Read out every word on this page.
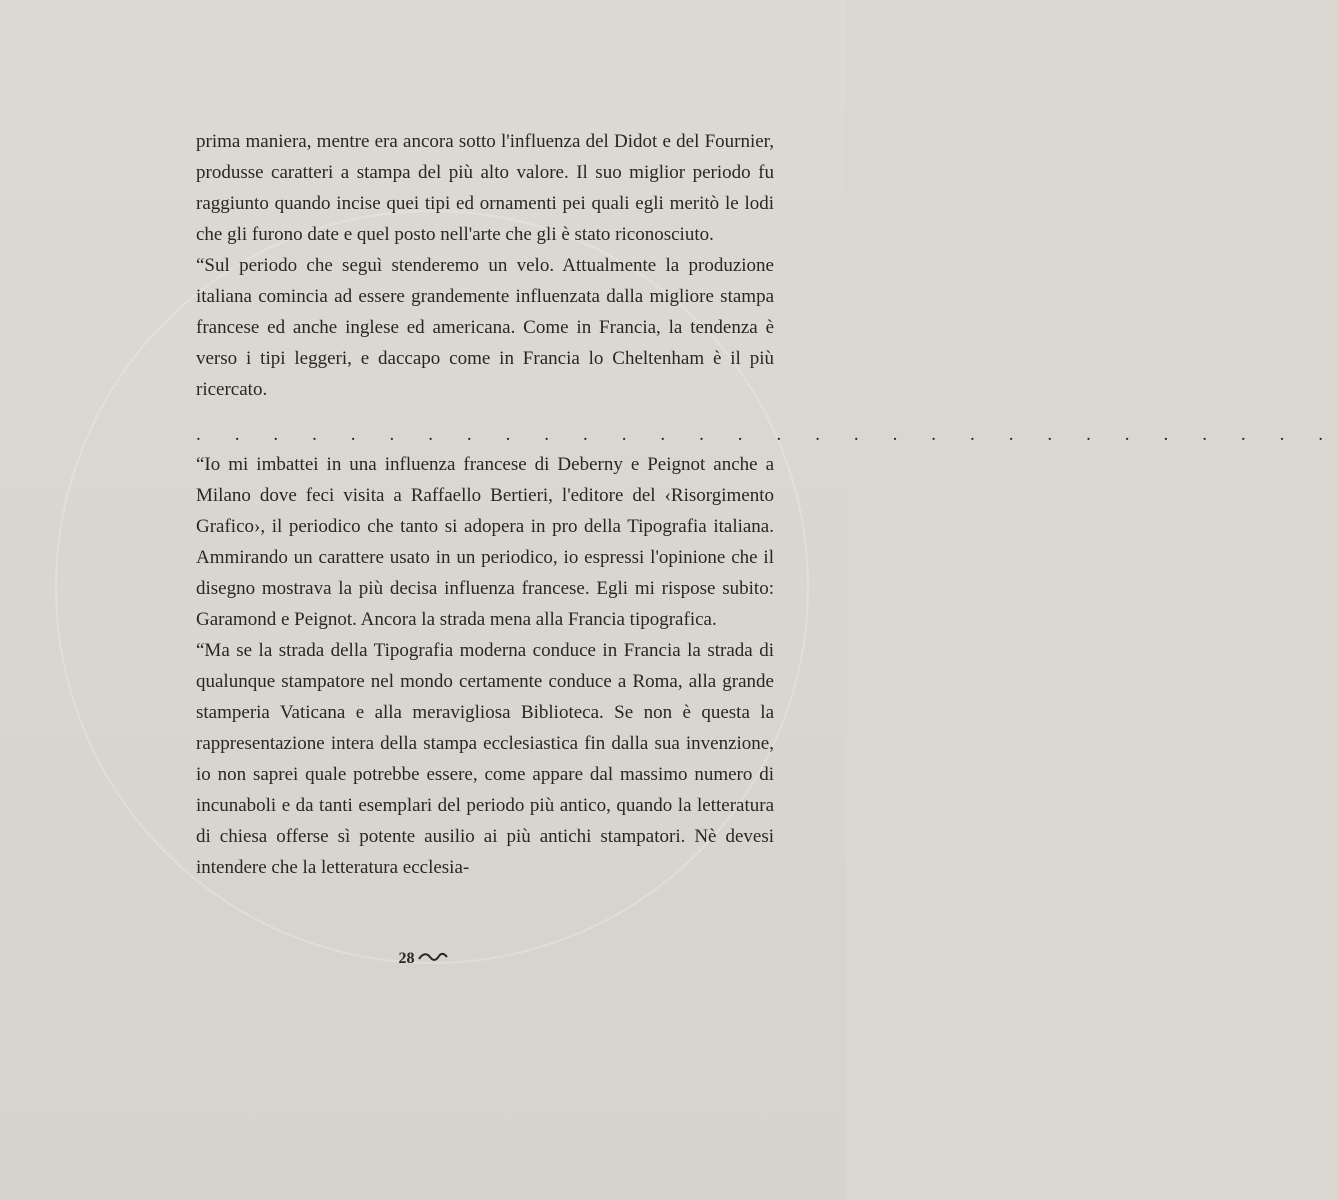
prima maniera, mentre era ancora sotto l'influenza del Didot e del Fournier, produsse caratteri a stampa del più alto valore. Il suo miglior periodo fu raggiunto quando incise quei tipi ed ornamenti pei quali egli meritò le lodi che gli furono date e quel posto nell'arte che gli è stato riconosciuto.

“Sul periodo che seguì stenderemo un velo. Attualmente la produzione italiana comincia ad essere grandemente influenzata dalla migliore stampa francese ed anche inglese ed americana. Come in Francia, la tendenza è verso i tipi leggeri, e daccapo come in Francia lo Cheltenham è il più ricercato.

. . . . . . . . . . . . . . . . . . . . . . . . . . . . . .

“Io mi imbattei in una influenza francese di Deberny e Peignot anche a Milano dove feci visita a Raffaello Bertieri, l'editore del ‹Risorgimento Grafico›, il periodico che tanto si adopera in pro della Tipografia italiana. Ammirando un carattere usato in un periodico, io espressi l'opinione che il disegno mostrava la più decisa influenza francese. Egli mi rispose subito: Garamond e Peignot. Ancora la strada mena alla Francia tipografica.

“Ma se la strada della Tipografia moderna conduce in Francia la strada di qualunque stampatore nel mondo certamente conduce a Roma, alla grande stamperia Vaticana e alla meravigliosa Biblioteca. Se non è questa la rappresentazione intera della stampa ecclesiastica fin dalla sua invenzione, io non saprei quale potrebbe essere, come appare dal massimo numero di incunaboli e da tanti esemplari del periodo più antico, quando la letteratura di chiesa offerse sì potente ausilio ai più antichi stampatori. Nè devesi intendere che la letteratura ecclesia-

28
